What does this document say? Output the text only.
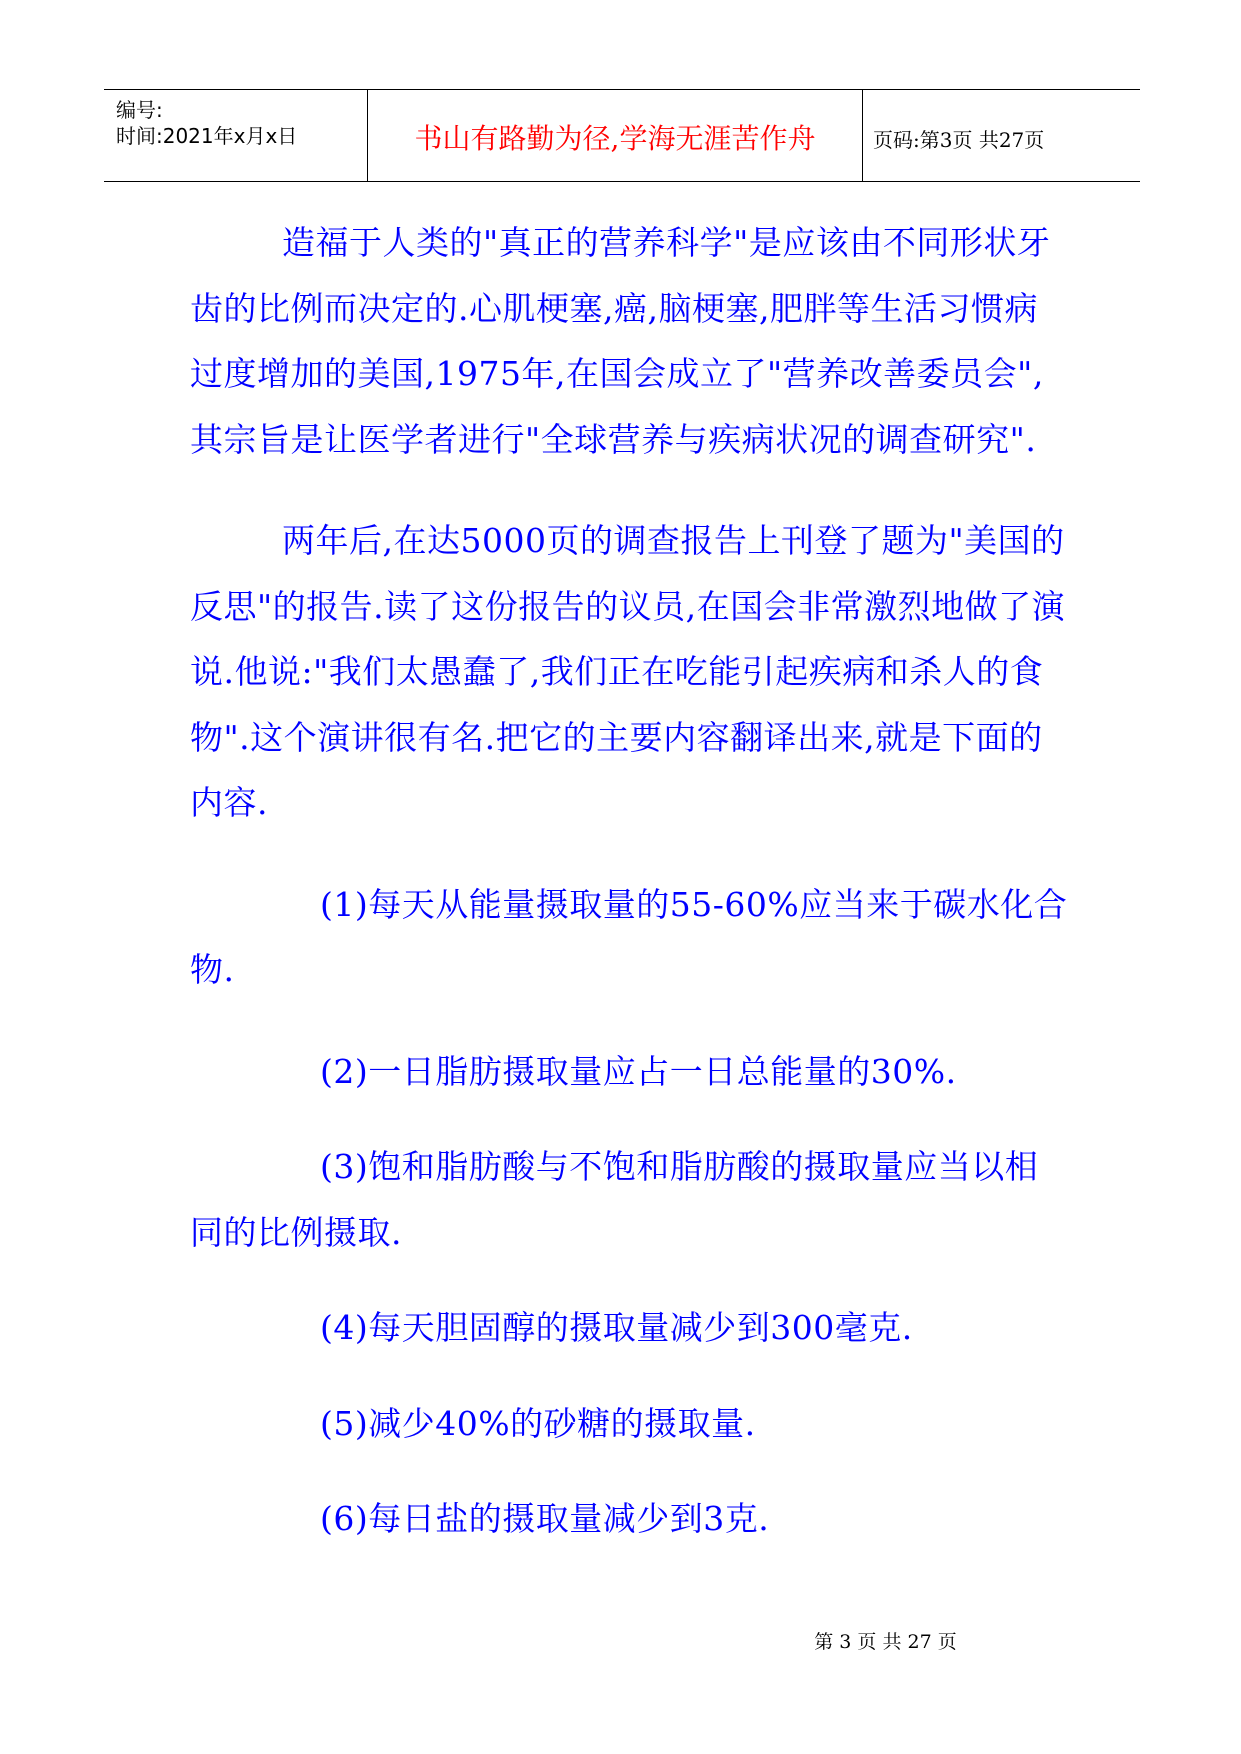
编号:
时间:2021年x月x日	书山有路勤为径,学海无涯苦作舟	页码:第3页 共27页

造福于人类的"真正的营养科学"是应该由不同形状牙齿的比例而决定的.心肌梗塞,癌,脑梗塞,肥胖等生活习惯病过度增加的美国,1975年,在国会成立了"营养改善委员会",其宗旨是让医学者进行"全球营养与疾病状况的调查研究".

两年后,在达5000页的调查报告上刊登了题为"美国的反思"的报告.读了这份报告的议员,在国会非常激烈地做了演说.他说:"我们太愚蠢了,我们正在吃能引起疾病和杀人的食物".这个演讲很有名.把它的主要内容翻译出来,就是下面的内容.

(1)每天从能量摄取量的55-60%应当来于碳水化合物.

(2)一日脂肪摄取量应占一日总能量的30%.

(3)饱和脂肪酸与不饱和脂肪酸的摄取量应当以相同的比例摄取.

(4)每天胆固醇的摄取量减少到300毫克.

(5)减少40%的砂糖的摄取量.

(6)每日盐的摄取量减少到3克.

第 3 页 共 27 页
